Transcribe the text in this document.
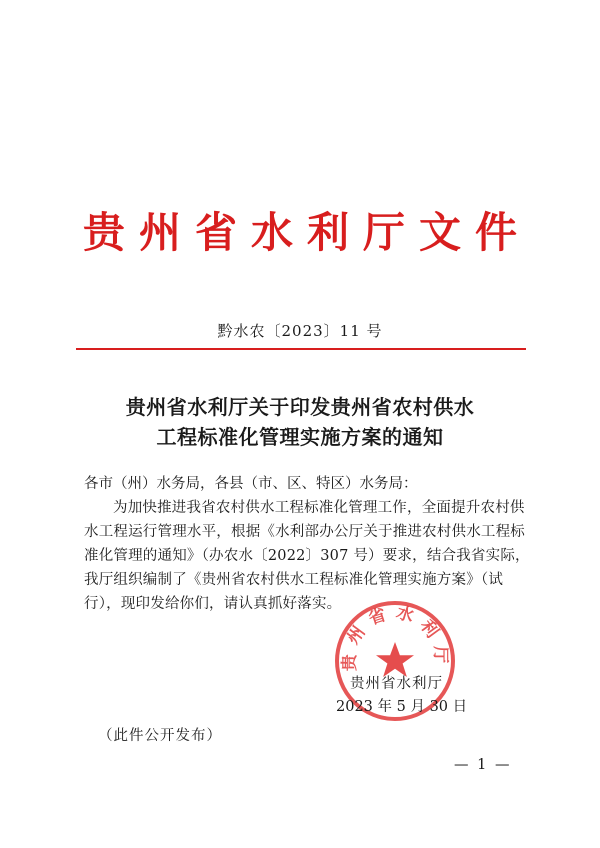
贵州省水利厅文件
黔水农〔2023〕11 号
贵州省水利厅关于印发贵州省农村供水
工程标准化管理实施方案的通知
各市（州）水务局，各县（市、区、特区）水务局：
为加快推进我省农村供水工程标准化管理工作，全面提升农村供水工程运行管理水平，根据《水利部办公厅关于推进农村供水工程标准化管理的通知》（办农水〔2022〕307 号）要求，结合我省实际，我厅组织编制了《贵州省农村供水工程标准化管理实施方案》（试行），现印发给你们，请认真抓好落实。
贵州省水利厅
贵州省水利厅
2023 年 5 月 30 日
（此件公开发布）
— 1 —
